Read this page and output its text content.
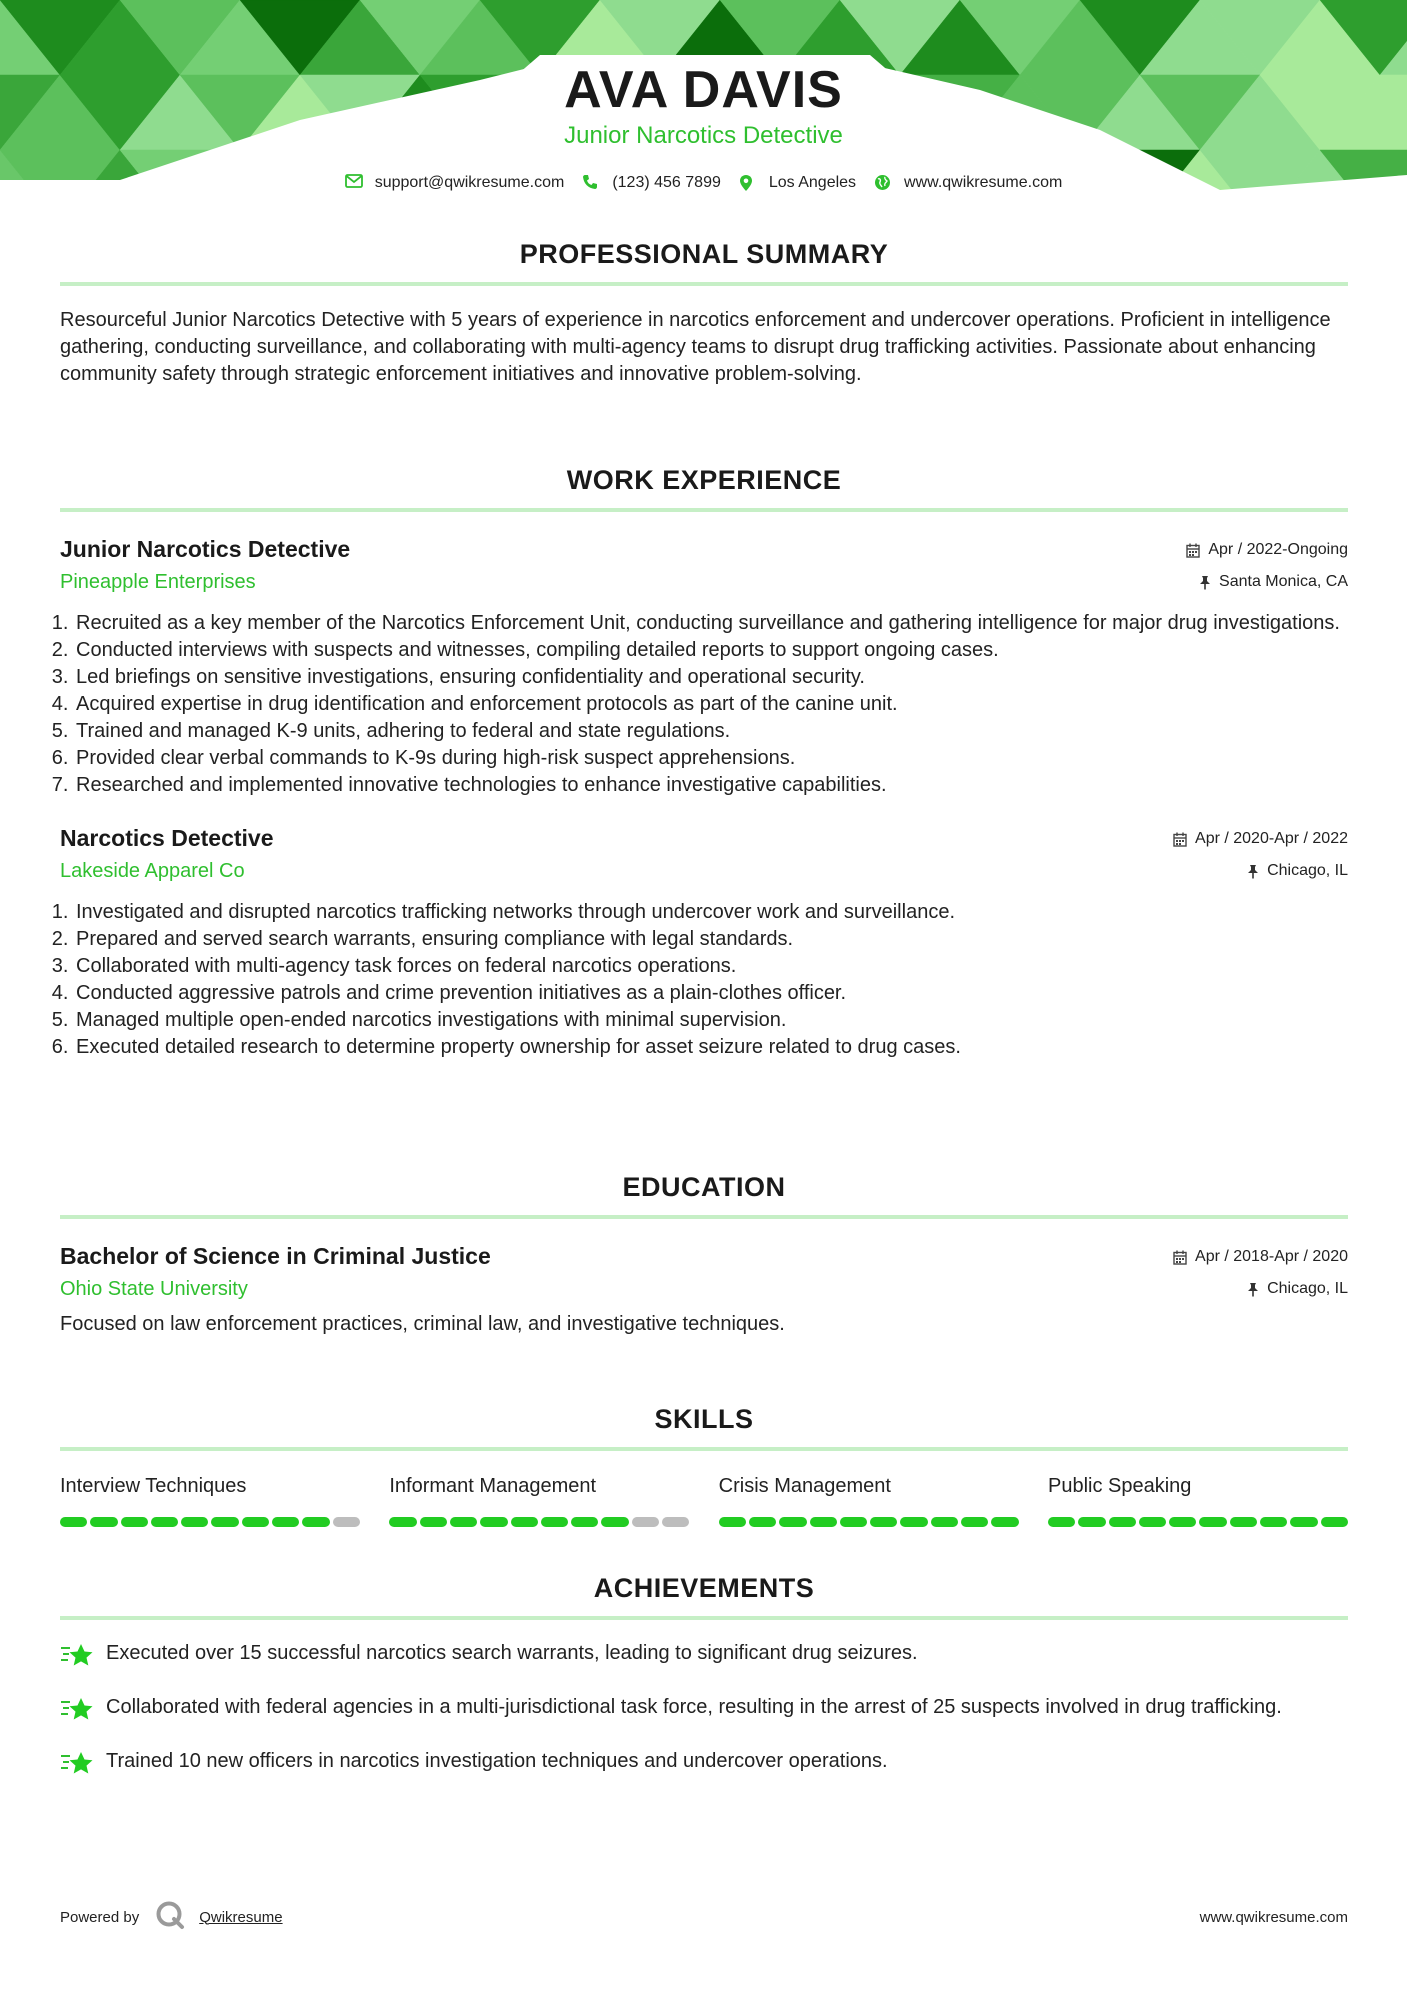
AVA DAVIS
Junior Narcotics Detective
support@qwikresume.com	(123) 456 7899	Los Angeles	www.qwikresume.com
PROFESSIONAL SUMMARY

Resourceful Junior Narcotics Detective with 5 years of experience in narcotics enforcement and undercover operations. Proficient in intelligence gathering, conducting surveillance, and collaborating with multi-agency teams to disrupt drug trafficking activities. Passionate about enhancing community safety through strategic enforcement initiatives and innovative problem-solving.

WORK EXPERIENCE
Junior Narcotics Detective
Pineapple Enterprises
Apr / 2022-Ongoing
Santa Monica, CA
1. Recruited as a key member of the Narcotics Enforcement Unit, conducting surveillance and gathering intelligence for major drug investigations.
2. Conducted interviews with suspects and witnesses, compiling detailed reports to support ongoing cases.
3. Led briefings on sensitive investigations, ensuring confidentiality and operational security.
4. Acquired expertise in drug identification and enforcement protocols as part of the canine unit.
5. Trained and managed K-9 units, adhering to federal and state regulations.
6. Provided clear verbal commands to K-9s during high-risk suspect apprehensions.
7. Researched and implemented innovative technologies to enhance investigative capabilities.
Narcotics Detective
Lakeside Apparel Co
Apr / 2020-Apr / 2022
Chicago, IL
1. Investigated and disrupted narcotics trafficking networks through undercover work and surveillance.
2. Prepared and served search warrants, ensuring compliance with legal standards.
3. Collaborated with multi-agency task forces on federal narcotics operations.
4. Conducted aggressive patrols and crime prevention initiatives as a plain-clothes officer.
5. Managed multiple open-ended narcotics investigations with minimal supervision.
6. Executed detailed research to determine property ownership for asset seizure related to drug cases.
EDUCATION
Bachelor of Science in Criminal Justice
Ohio State University
Apr / 2018-Apr / 2020
Chicago, IL

Focused on law enforcement practices, criminal law, and investigative techniques.

SKILLS
Interview Techniques	Informant Management	Crisis Management	Public Speaking
ACHIEVEMENTS
Executed over 15 successful narcotics search warrants, leading to significant drug seizures.
Collaborated with federal agencies in a multi-jurisdictional task force, resulting in the arrest of 25 suspects involved in drug trafficking.
Trained 10 new officers in narcotics investigation techniques and undercover operations.
Powered by	Qwikresume	www.qwikresume.com
